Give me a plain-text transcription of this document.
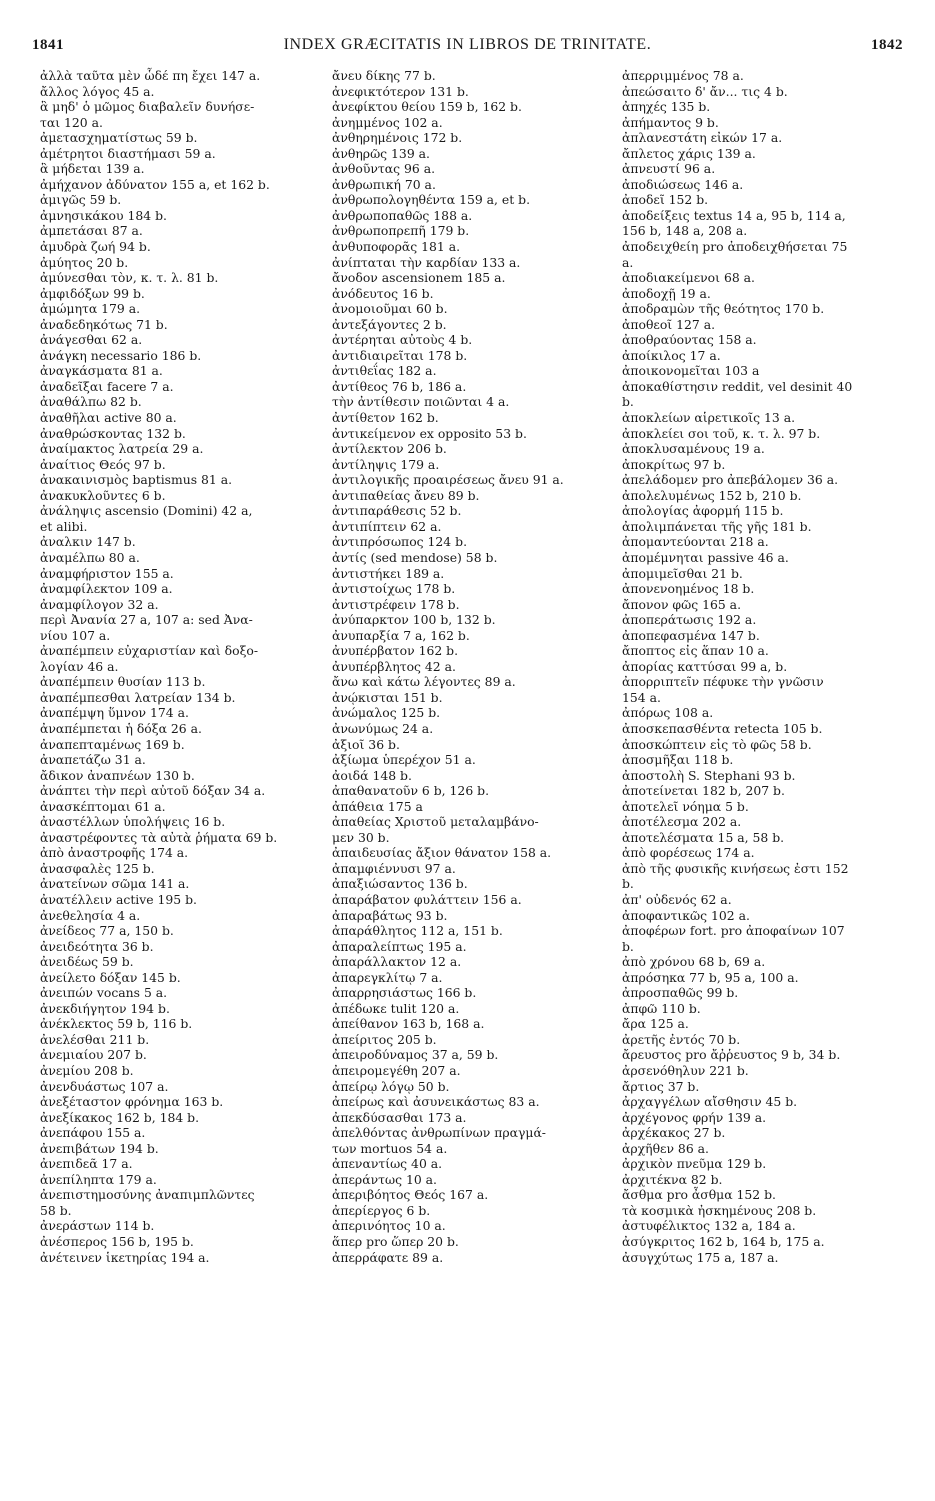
1841	INDEX GRÆCITATIS IN LIBROS DE TRINITATE.	1842
ἀλλὰ ταῦτα μὲν ὧδέ πη ἔχει 147 a.
ἄλλος λόγος 45 a.
ἃ μηδ' ὁ μῶμος διαβαλεῖν δυνήσε-
ται 120 a.
ἀμετασχηματίστως 59 b.
ἀμέτρητοι διαστήμασι 59 a.
ἃ μήδεται 139 a.
ἀμήχανον ἀδύνατον 155 a, et 162 b.
ἀμιγῶς 59 b.
ἀμνησικάκου 184 b.
ἀμπετάσαι 87 a.
ἀμυδρὰ ζωή 94 b.
ἀμύητος 20 b.
ἀμύνεσθαι τὸν, κ. τ. λ. 81 b.
ἀμφιδόξων 99 b.
ἀμώμητα 179 a.
ἀναδεδηκότως 71 b.
ἀνάγεσθαι 62 a.
ἀνάγκη necessario 186 b.
ἀναγκάσματα 81 a.
ἀναδεῖξαι facere 7 a.
ἀναθάλπω 82 b.
ἀναθῆλαι active 80 a.
ἀναθρώσκοντας 132 b.
ἀναίμακτος λατρεία 29 a.
ἀναίτιος Θεός 97 b.
ἀνακαινισμὸς baptismus 81 a.
ἀνακυκλοῦντες 6 b.
ἀνάληψις ascensio (Domini) 42 a,
et alibi.
ἀναλκιν 147 b.
ἀναμέλπω 80 a.
ἀναμφήριστον 155 a.
ἀναμφίλεκτον 109 a.
ἀναμφίλογον 32 a.
περὶ Ἀνανία 27 a, 107 a: sed Ἀνα-
νίου 107 a.
ἀναπέμπειν εὐχαριστίαν καὶ δοξο-
λογίαν 46 a.
ἀναπέμπειν θυσίαν 113 b.
ἀναπέμπεσθαι λατρείαν 134 b.
ἀναπέμψη ὕμνον 174 a.
ἀναπέμπεται ἡ δόξα 26 a.
ἀναπεπταμένως 169 b.
ἀναπετάζω 31 a.
ἄδικον ἀναπνέων 130 b.
ἀνάπτει τὴν περὶ αὐτοῦ δόξαν 34 a.
ἀνασκέπτομαι 61 a.
ἀναστέλλων ὑπολήψεις 16 b.
ἀναστρέφοντες τὰ αὐτὰ ῥήματα 69 b.
ἀπὸ ἀναστροφῆς 174 a.
ἀνασφαλὲς 125 b.
ἀνατείνων σῶμα 141 a.
ἀνατέλλειν active 195 b.
ἀνεθελησία 4 a.
ἀνείδεος 77 a, 150 b.
ἀνειδεότητα 36 b.
ἀνειδέως 59 b.
ἀνείλετο δόξαν 145 b.
ἀνειπών vocans 5 a.
ἀνεκδιήγητον 194 b.
ἀνέκλεκτος 59 b, 116 b.
ἀνελέσθαι 211 b.
ἀνεμιαίου 207 b.
ἀνεμίου 208 b.
ἀνενδυάστως 107 a.
ἀνεξέταστον φρόνημα 163 b.
ἀνεξίκακος 162 b, 184 b.
ἀνεπάφου 155 a.
ἀνεπιβάτων 194 b.
ἀνεπιδεᾶ 17 a.
ἀνεπίληπτα 179 a.
ἀνεπιστημοσύνης ἀναπιμπλῶντες
58 b.
ἀνεράστων 114 b.
ἀνέσπερος 156 b, 195 b.
ἀνέτεινεν ἱκετηρίας 194 a.
ἄνευ δίκης 77 b.
ἀνεφικτότερον 131 b.
ἀνεφίκτου θείου 159 b, 162 b.
ἀνημμένος 102 a.
ἀνθηρημένοις 172 b.
ἀνθηρῶς 139 a.
ἀνθοῦντας 96 a.
ἀνθρωπική 70 a.
ἀνθρωπολογηθέντα 159 a, et b.
ἀνθρωποπαθῶς 188 a.
ἀνθρωποπρεπῆ 179 b.
ἀνθυποφορᾶς 181 a.
ἀνίπταται τὴν καρδίαν 133 a.
ἄνοδον ascensionem 185 a.
ἀνόδευτος 16 b.
ἀνομοιοῦμαι 60 b.
ἀντεξάγοντες 2 b.
ἀντέρηται αὐτοὺς 4 b.
ἀντιδιαιρεῖται 178 b.
ἀντιθεΐας 182 a.
ἀντίθεος 76 b, 186 a.
τὴν ἀντίθεσιν ποιῶνται 4 a.
ἀντίθετον 162 b.
ἀντικείμενον ex opposito 53 b.
ἀντίλεκτον 206 b.
ἀντίληψις 179 a.
ἀντιλογικῆς προαιρέσεως ἄνευ 91 a.
ἀντιπαθείας ἄνευ 89 b.
ἀντιπαράθεσις 52 b.
ἀντιπίπτειν 62 a.
ἀντιπρόσωπος 124 b.
ἀντίς (sed mendose) 58 b.
ἀντιστήκει 189 a.
ἀντιστοίχως 178 b.
ἀντιστρέφειν 178 b.
ἀνύπαρκτον 100 b, 132 b.
ἀνυπαρξία 7 a, 162 b.
ἀνυπέρβατον 162 b.
ἀνυπέρβλητος 42 a.
ἄνω καὶ κάτω λέγοντες 89 a.
ἀνῴκισται 151 b.
ἀνώμαλος 125 b.
ἀνωνύμως 24 a.
ἀξιοῖ 36 b.
ἀξίωμα ὑπερέχον 51 a.
ἀοιδά 148 b.
ἀπαθανατοῦν 6 b, 126 b.
ἀπάθεια 175 a
ἀπαθείας Χριστοῦ μεταλαμβάνο-
μεν 30 b.
ἀπαιδευσίας ἄξιον θάνατον 158 a.
ἀπαμφιέννυσι 97 a.
ἀπαξιώσαντος 136 b.
ἀπαράβατον φυλάττειν 156 a.
ἀπαραβάτως 93 b.
ἀπαράθλητος 112 a, 151 b.
ἀπαραλείπτως 195 a.
ἀπαράλλακτον 12 a.
ἀπαρεγκλίτῳ 7 a.
ἀπαρρησιάστως 166 b.
ἀπέδωκε tulit 120 a.
ἀπείθανον 163 b, 168 a.
ἀπείριτος 205 b.
ἀπειροδύναμος 37 a, 59 b.
ἀπειρομεγέθη 207 a.
ἀπείρῳ λόγῳ 50 b.
ἀπείρως καὶ ἀσυνεικάστως 83 a.
ἀπεκδύσασθαι 173 a.
ἀπελθόντας ἀνθρωπίνων πραγμά-
των mortuos 54 a.
ἀπεναντίως 40 a.
ἀπεράντως 10 a.
ἀπεριβόητος Θεός 167 a.
ἀπερίεργος 6 b.
ἀπερινόητος 10 a.
ἅπερ pro ὥπερ 20 b.
ἀπερράφατε 89 a.
ἀπερριμμένος 78 a.
ἀπεώσαιτο δ' ἄν... τις 4 b.
ἀπηχές 135 b.
ἀπήμαντος 9 b.
ἀπλανεστάτη εἰκών 17 a.
ἄπλετος χάρις 139 a.
ἀπνευστί 96 a.
ἀποδιώσεως 146 a.
ἀποδεῖ 152 b.
ἀποδείξεις textus 14 a, 95 b, 114 a,
156 b, 148 a, 208 a.
ἀποδειχθείη pro ἀποδειχθήσεται 75
a.
ἀποδιακείμενοι 68 a.
ἀποδοχῇ 19 a.
ἀποδραμὼν τῆς θεότητος 170 b.
ἀποθεοῖ 127 a.
ἀποθραύοντας 158 a.
ἀποίκιλος 17 a.
ἀποικονομεῖται 103 a
ἀποκαθίστησιν reddit, vel desinit 40
b.
ἀποκλείων αἱρετικοῖς 13 a.
ἀποκλείει σοι τοῦ, κ. τ. λ. 97 b.
ἀποκλυσαμένους 19 a.
ἀποκρίτως 97 b.
ἀπελάδομεν pro ἀπεβάλομεν 36 a.
ἀπολελυμένως 152 b, 210 b.
ἀπολογίας ἀφορμή 115 b.
ἀπολιμπάνεται τῆς γῆς 181 b.
ἀπομαντεύονται 218 a.
ἀπομέμνηται passive 46 a.
ἀπομιμεῖσθαι 21 b.
ἀπονενοημένος 18 b.
ἄπονον φῶς 165 a.
ἀποπεράτωσις 192 a.
ἀποπεφασμένα 147 b.
ἄποπτος εἰς ἅπαν 10 a.
ἀπορίας καττύσαι 99 a, b.
ἀπορριπτεῖν πέφυκε τὴν γνῶσιν
154 a.
ἀπόρως 108 a.
ἀποσκεπασθέντα retecta 105 b.
ἀποσκώπτειν εἰς τὸ φῶς 58 b.
ἀποσμῆξαι 118 b.
ἀποστολὴ S. Stephani 93 b.
ἀποτείνεται 182 b, 207 b.
ἀποτελεῖ νόημα 5 b.
ἀποτέλεσμα 202 a.
ἀποτελέσματα 15 a, 58 b.
ἀπὸ φορέσεως 174 a.
ἀπὸ τῆς φυσικῆς κινήσεως ἐστι 152
b.
ἀπ' οὐδενός 62 a.
ἀποφαντικῶς 102 a.
ἀποφέρων fort. pro ἀποφαίνων 107
b.
ἀπὸ χρόνου 68 b, 69 a.
ἀπρόσηκα 77 b, 95 a, 100 a.
ἀπροσπαθῶς 99 b.
ἀπφῶ 110 b.
ἄρα 125 a.
ἀρετῆς ἐντός 70 b.
ἄρευστος pro ἄῤῥευστος 9 b, 34 b.
ἀρσενόθηλυν 221 b.
ἄρτιος 37 b.
ἀρχαγγέλων αἴσθησιν 45 b.
ἀρχέγονος φρήν 139 a.
ἀρχέκακος 27 b.
ἀρχῆθεν 86 a.
ἀρχικὸν πνεῦμα 129 b.
ἀρχιτέκνα 82 b.
ἄσθμα pro ἆσθμα 152 b.
τὰ κοσμικὰ ἠσκημένους 208 b.
ἀστυφέλικτος 132 a, 184 a.
ἀσύγκριτος 162 b, 164 b, 175 a.
ἀσυγχύτως 175 a, 187 a.
